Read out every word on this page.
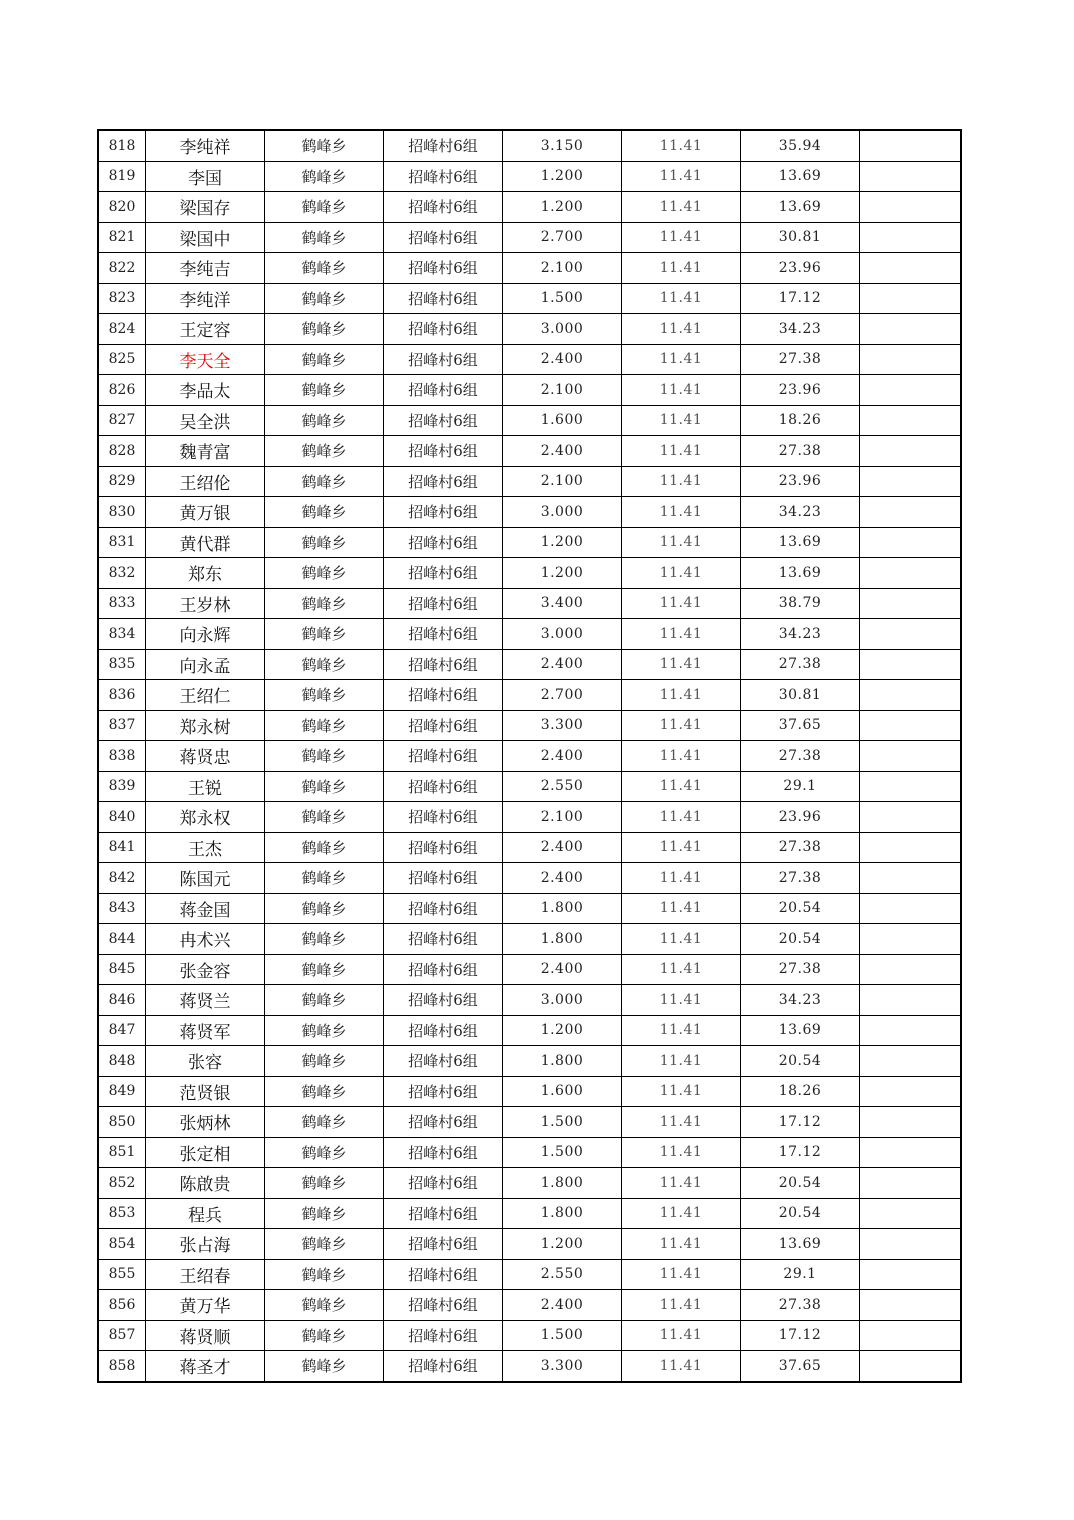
818	李纯祥	鹤峰乡	招峰村6组	3.150	11.41	35.94	
819	李国	鹤峰乡	招峰村6组	1.200	11.41	13.69	
820	梁国存	鹤峰乡	招峰村6组	1.200	11.41	13.69	
821	梁国中	鹤峰乡	招峰村6组	2.700	11.41	30.81	
822	李纯吉	鹤峰乡	招峰村6组	2.100	11.41	23.96	
823	李纯洋	鹤峰乡	招峰村6组	1.500	11.41	17.12	
824	王定容	鹤峰乡	招峰村6组	3.000	11.41	34.23	
825	李天全	鹤峰乡	招峰村6组	2.400	11.41	27.38	
826	李品太	鹤峰乡	招峰村6组	2.100	11.41	23.96	
827	吴全洪	鹤峰乡	招峰村6组	1.600	11.41	18.26	
828	魏青富	鹤峰乡	招峰村6组	2.400	11.41	27.38	
829	王绍伦	鹤峰乡	招峰村6组	2.100	11.41	23.96	
830	黄万银	鹤峰乡	招峰村6组	3.000	11.41	34.23	
831	黄代群	鹤峰乡	招峰村6组	1.200	11.41	13.69	
832	郑东	鹤峰乡	招峰村6组	1.200	11.41	13.69	
833	王岁林	鹤峰乡	招峰村6组	3.400	11.41	38.79	
834	向永辉	鹤峰乡	招峰村6组	3.000	11.41	34.23	
835	向永孟	鹤峰乡	招峰村6组	2.400	11.41	27.38	
836	王绍仁	鹤峰乡	招峰村6组	2.700	11.41	30.81	
837	郑永树	鹤峰乡	招峰村6组	3.300	11.41	37.65	
838	蒋贤忠	鹤峰乡	招峰村6组	2.400	11.41	27.38	
839	王锐	鹤峰乡	招峰村6组	2.550	11.41	29.1	
840	郑永权	鹤峰乡	招峰村6组	2.100	11.41	23.96	
841	王杰	鹤峰乡	招峰村6组	2.400	11.41	27.38	
842	陈国元	鹤峰乡	招峰村6组	2.400	11.41	27.38	
843	蒋金国	鹤峰乡	招峰村6组	1.800	11.41	20.54	
844	冉术兴	鹤峰乡	招峰村6组	1.800	11.41	20.54	
845	张金容	鹤峰乡	招峰村6组	2.400	11.41	27.38	
846	蒋贤兰	鹤峰乡	招峰村6组	3.000	11.41	34.23	
847	蒋贤军	鹤峰乡	招峰村6组	1.200	11.41	13.69	
848	张容	鹤峰乡	招峰村6组	1.800	11.41	20.54	
849	范贤银	鹤峰乡	招峰村6组	1.600	11.41	18.26	
850	张炳林	鹤峰乡	招峰村6组	1.500	11.41	17.12	
851	张定相	鹤峰乡	招峰村6组	1.500	11.41	17.12	
852	陈啟贵	鹤峰乡	招峰村6组	1.800	11.41	20.54	
853	程兵	鹤峰乡	招峰村6组	1.800	11.41	20.54	
854	张占海	鹤峰乡	招峰村6组	1.200	11.41	13.69	
855	王绍春	鹤峰乡	招峰村6组	2.550	11.41	29.1	
856	黄万华	鹤峰乡	招峰村6组	2.400	11.41	27.38	
857	蒋贤顺	鹤峰乡	招峰村6组	1.500	11.41	17.12	
858	蒋圣才	鹤峰乡	招峰村6组	3.300	11.41	37.65	
